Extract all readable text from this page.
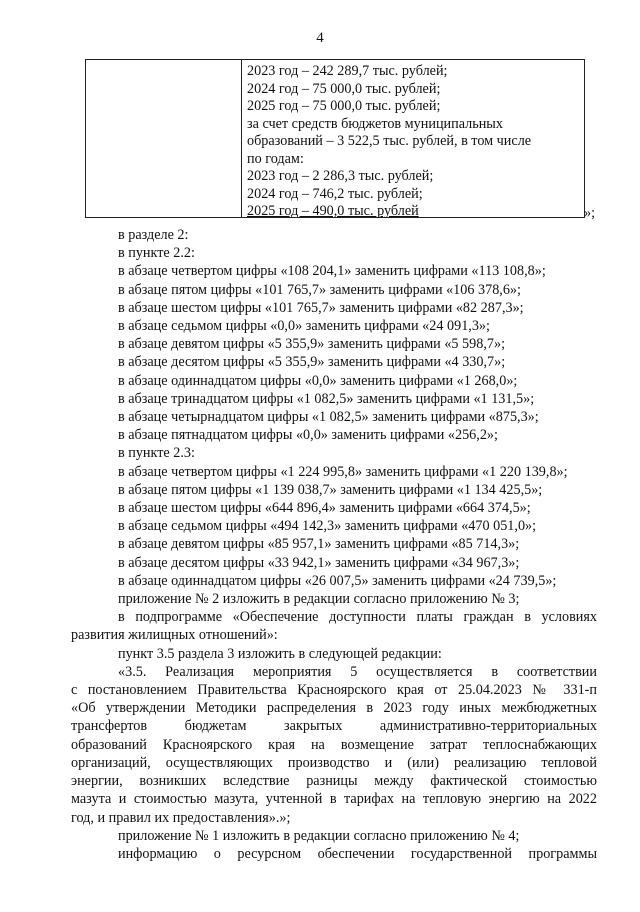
4
2023 год – 242 289,7 тыс. рублей;
2024 год – 75 000,0 тыс. рублей;
2025 год – 75 000,0 тыс. рублей;
за счет средств бюджетов муниципальных
образований – 3 522,5 тыс. рублей, в том числе
по годам:
2023 год – 2 286,3 тыс. рублей;
2024 год – 746,2 тыс. рублей;
2025 год – 490,0 тыс. рублей	»;
в разделе 2:
в пункте 2.2:
в абзаце четвертом цифры «108 204,1» заменить цифрами «113 108,8»;
в абзаце пятом цифры «101 765,7» заменить цифрами «106 378,6»;
в абзаце шестом цифры «101 765,7» заменить цифрами «82 287,3»;
в абзаце седьмом цифры «0,0» заменить цифрами «24 091,3»;
в абзаце девятом цифры «5 355,9» заменить цифрами «5 598,7»;
в абзаце десятом цифры «5 355,9» заменить цифрами «4 330,7»;
в абзаце одиннадцатом цифры «0,0» заменить цифрами «1 268,0»;
в абзаце тринадцатом цифры «1 082,5» заменить цифрами «1 131,5»;
в абзаце четырнадцатом цифры «1 082,5» заменить цифрами «875,3»;
в абзаце пятнадцатом цифры «0,0» заменить цифрами «256,2»;
в пункте 2.3:
в абзаце четвертом цифры «1 224 995,8» заменить цифрами «1 220 139,8»;
в абзаце пятом цифры «1 139 038,7» заменить цифрами «1 134 425,5»;
в абзаце шестом цифры «644 896,4» заменить цифрами «664 374,5»;
в абзаце седьмом цифры «494 142,3» заменить цифрами «470 051,0»;
в абзаце девятом цифры «85 957,1» заменить цифрами «85 714,3»;
в абзаце десятом цифры «33 942,1» заменить цифрами «34 967,3»;
в абзаце одиннадцатом цифры «26 007,5» заменить цифрами «24 739,5»;
приложение № 2 изложить в редакции согласно приложению № 3;
в подпрограмме «Обеспечение доступности платы граждан в условиях
развития жилищных отношений»:
пункт 3.5 раздела 3 изложить в следующей редакции:
«3.5. Реализация мероприятия 5 осуществляется в соответствии
с постановлением Правительства Красноярского края от 25.04.2023 № 331-п
«Об утверждении Методики распределения в 2023 году иных межбюджетных
трансфертов бюджетам закрытых административно-территориальных
образований Красноярского края на возмещение затрат теплоснабжающих
организаций, осуществляющих производство и (или) реализацию тепловой
энергии, возникших вследствие разницы между фактической стоимостью
мазута и стоимостью мазута, учтенной в тарифах на тепловую энергию на 2022
год, и правил их предоставления».»;
приложение № 1 изложить в редакции согласно приложению № 4;
информацию о ресурсном обеспечении государственной программы
